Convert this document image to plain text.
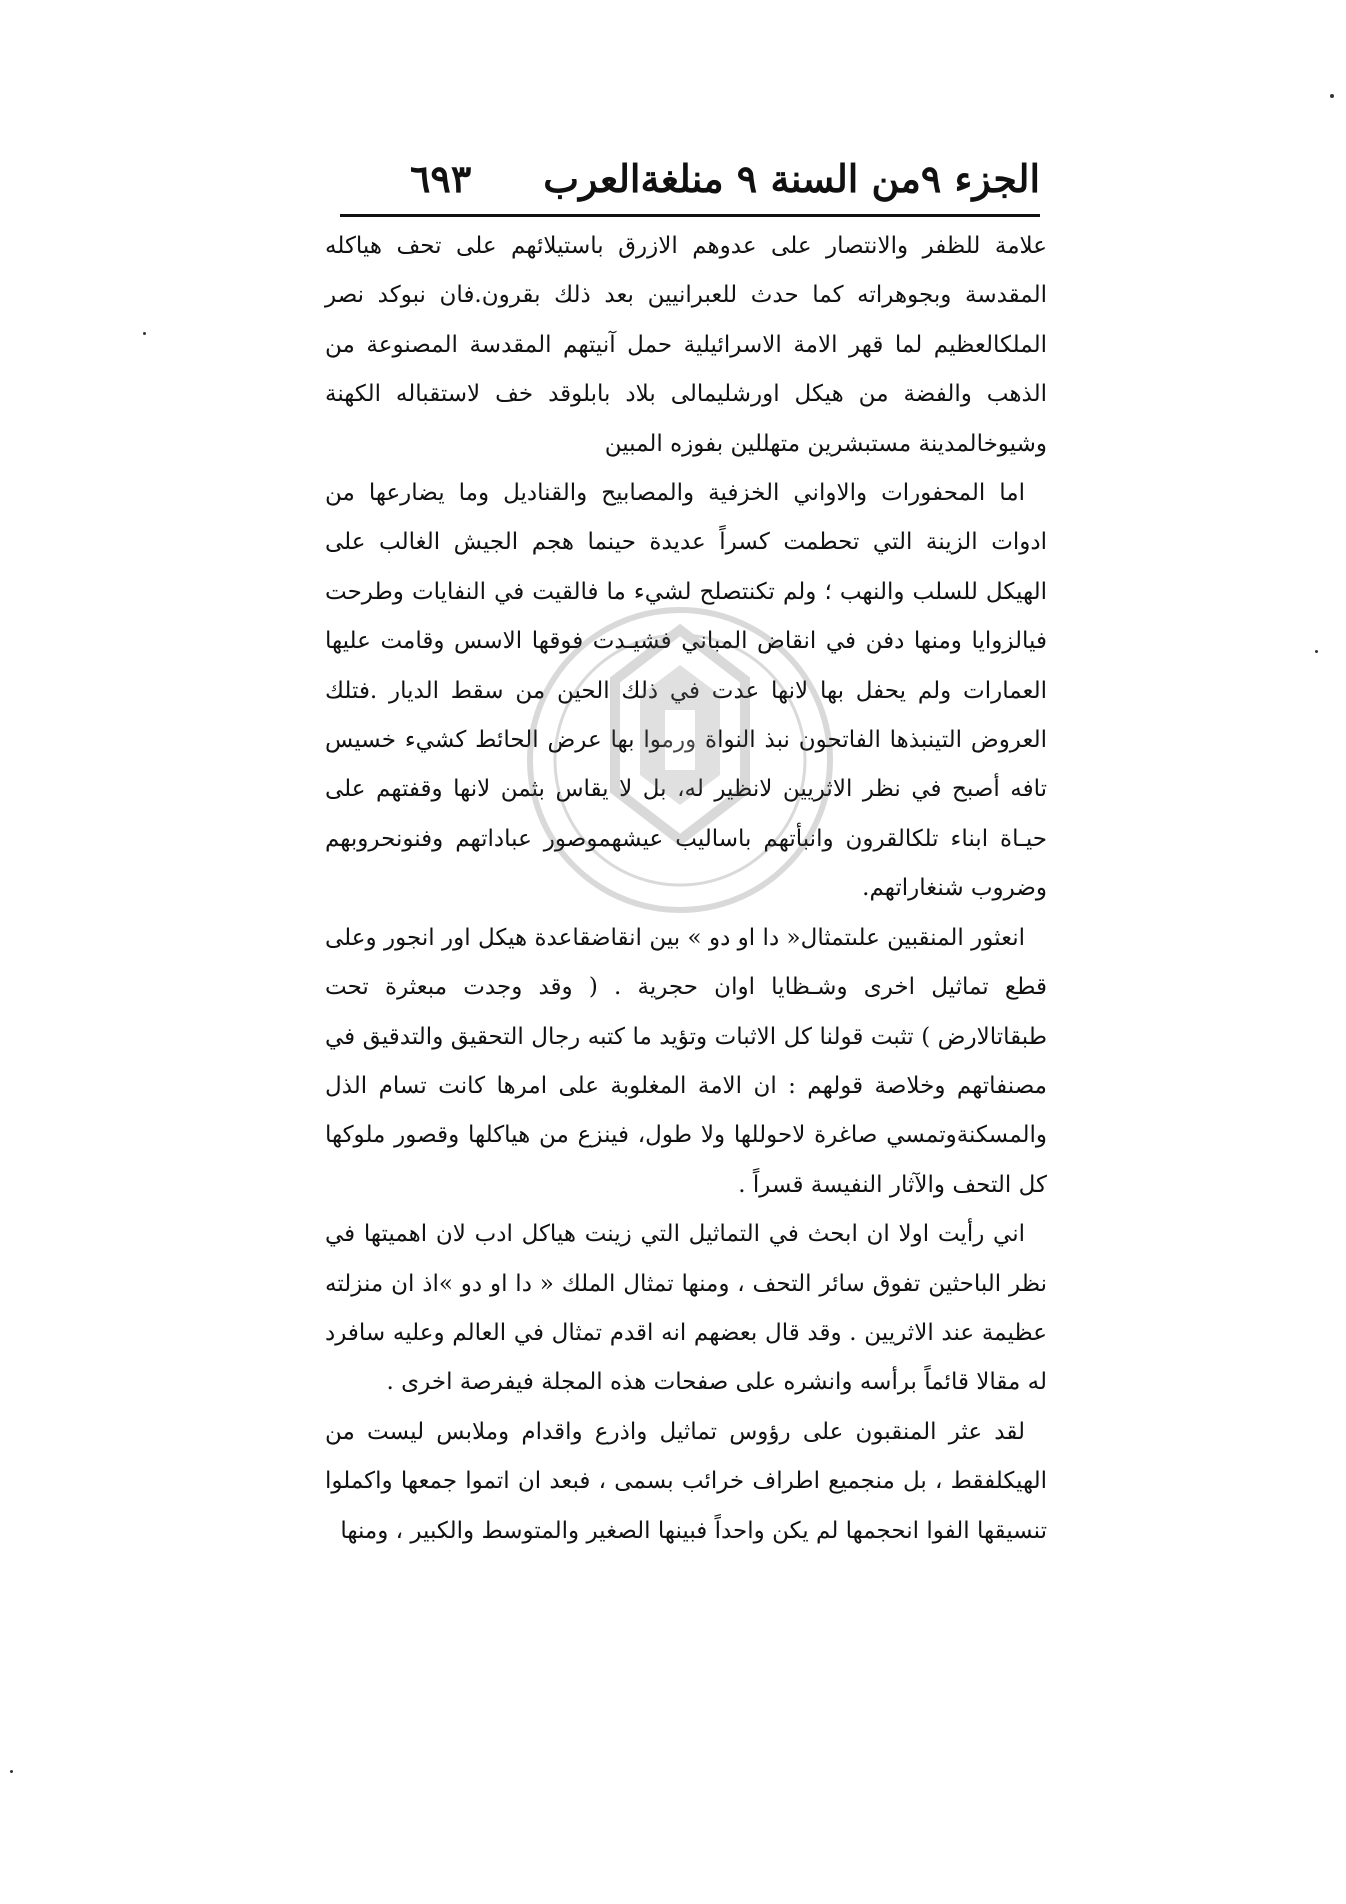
الجزء ٩من السنة ٩ منلغةالعرب
٦٩٣

علامة للظفر والانتصار على عدوهم الازرق باستيلائهم على تحف هياكله المقدسة وبجوهراته كما حدث للعبرانيين بعد ذلك بقرون.فان نبوكد نصر الملكالعظيم لما قهر الامة الاسرائيلية حمل آنيتهم المقدسة المصنوعة من الذهب والفضة من هيكل اورشليمالى بلاد بابلوقد خف لاستقباله الكهنة وشيوخالمدينة مستبشرين متهللين بفوزه المبين

اما المحفورات والاواني الخزفية والمصابيح والقناديل وما يضارعها من ادوات الزينة التي تحطمت كسراً عديدة حينما هجم الجيش الغالب على الهيكل للسلب والنهب ؛ ولم تكنتصلح لشيء ما فالقيت في النفايات وطرحت فيالزوايا ومنها دفن في انقاض المباني فشيـدت فوقها الاسس وقامت عليها العمارات ولم يحفل بها لانها عدت في ذلك الحين من سقط الديار .فتلك العروض التينبذها الفاتحون نبذ النواة ورموا بها عرض الحائط كشيء خسيس تافه أصبح في نظر الاثريين لانظير له، بل لا يقاس بثمن لانها وقفتهم على حيـاة ابناء تلكالقرون وانبأتهم باساليب عيشهموصور عباداتهم وفنونحروبهم وضروب شنغاراتهم.

انعثور المنقبين علىتمثال« دا او دو » بين انقاضقاعدة هيكل اور انجور وعلى قطع تماثيل اخرى وشـظايا اوان حجرية . ( وقد وجدت مبعثرة تحت طبقاتالارض ) تثبت قولنا كل الاثبات وتؤيد ما كتبه رجال التحقيق والتدقيق في مصنفاتهم وخلاصة قولهم : ان الامة المغلوبة على امرها كانت تسام الذل والمسكنةوتمسي صاغرة لاحوللها ولا طول، فينزع من هياكلها وقصور ملوكها كل التحف والآثار النفيسة قسراً .

اني رأيت اولا ان ابحث في التماثيل التي زينت هياكل ادب لان اهميتها في نظر الباحثين تفوق سائر التحف ، ومنها تمثال الملك « دا او دو »اذ ان منزلته عظيمة عند الاثريين . وقد قال بعضهم انه اقدم تمثال في العالم وعليه سافرد له مقالا قائماً برأسه وانشره على صفحات هذه المجلة فيفرصة اخرى .

لقد عثر المنقبون على رؤوس تماثيل واذرع واقدام وملابس ليست من الهيكلفقط ، بل منجميع اطراف خرائب بسمى ، فبعد ان اتموا جمعها واكملوا تنسيقها الفوا انحجمها لم يكن واحداً فبينها الصغير والمتوسط والكبير ، ومنها
